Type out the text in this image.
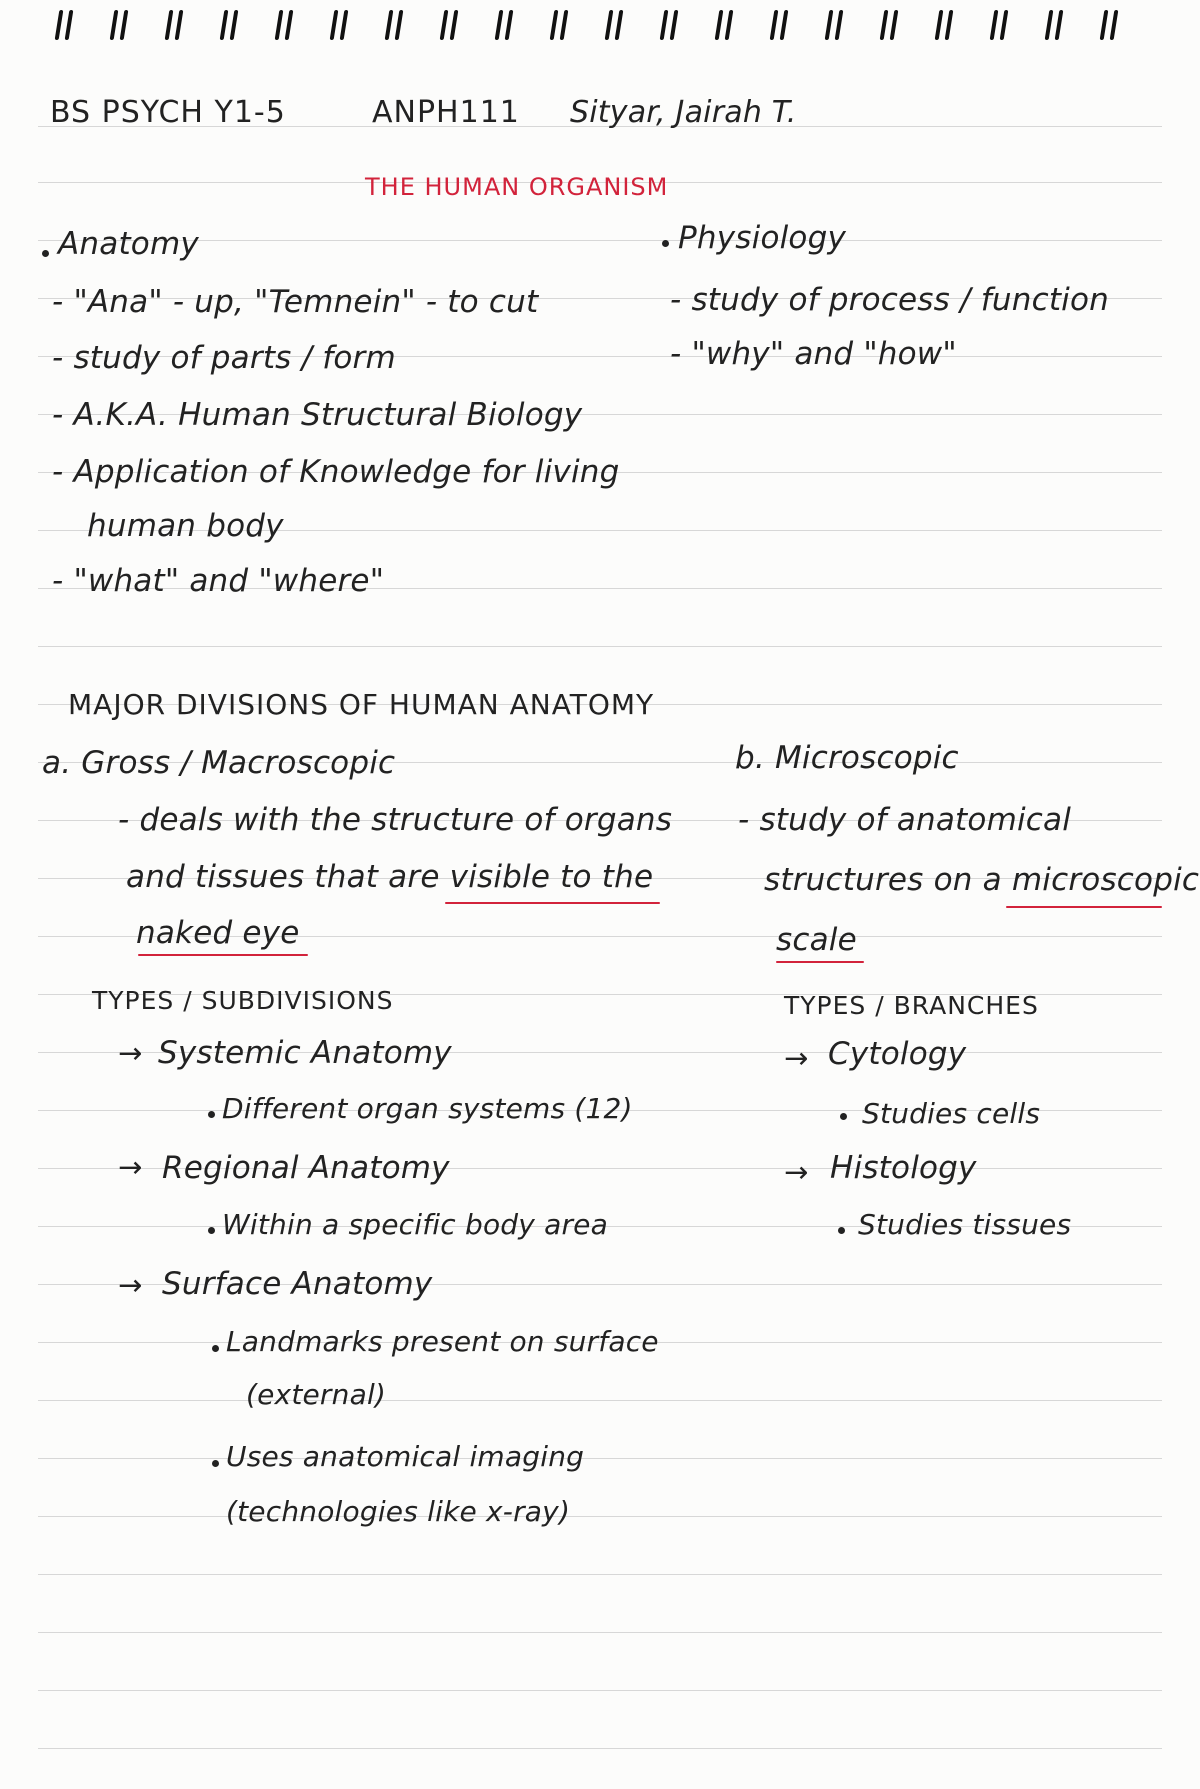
BS PSYCH Y1-5	ANPH111 Sityar, Jairah T.
THE HUMAN ORGANISM
Anatomy
- "Ana" - up, "Temnein" - to cut
- study of parts / form
- A.K.A. Human Structural Biology
- Application of Knowledge for living
human body
- "what" and "where"
Physiology
- study of process / function
- "why" and "how"
MAJOR DIVISIONS OF HUMAN ANATOMY
a. Gross / Macroscopic
- deals with the structure of organs
and tissues that are visible to the
naked eye
TYPES / SUBDIVISIONS
→ Systemic Anatomy
Different organ systems (12)
→ Regional Anatomy
Within a specific body area
→ Surface Anatomy
Landmarks present on surface
(external)
Uses anatomical imaging
(technologies like x-ray)
b. Microscopic
- study of anatomical
structures on a microscopic
scale
TYPES / BRANCHES
→ Cytology
Studies cells
→ Histology
Studies tissues
